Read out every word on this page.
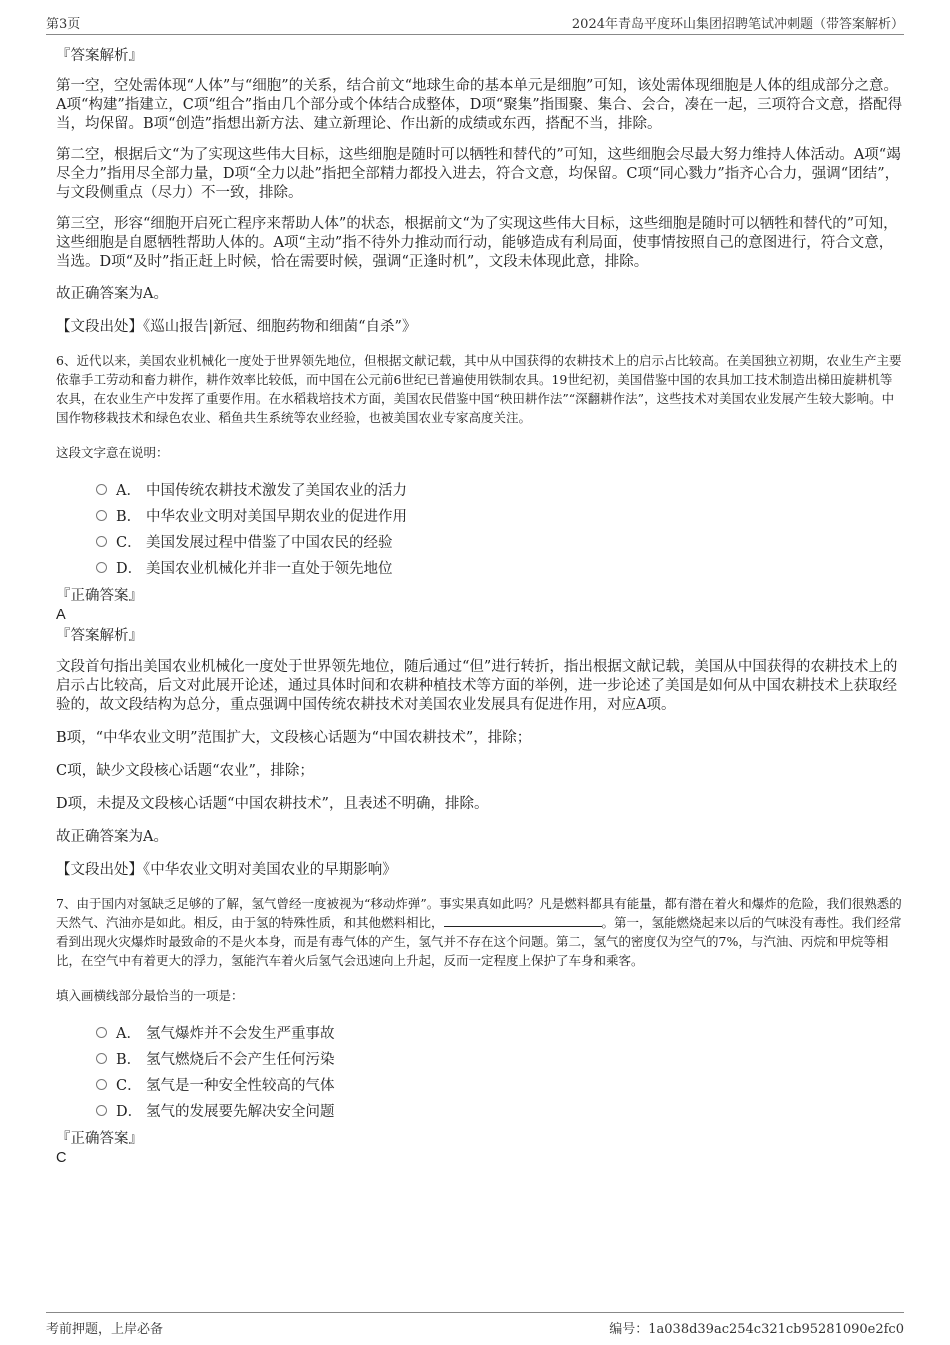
第3页	2024年青岛平度环山集团招聘笔试冲刺题（带答案解析）
『答案解析』
第一空，空处需体现“人体”与“细胞”的关系，结合前文“地球生命的基本单元是细胞”可知，该处需体现细胞是人体的组成部分之意。A项“构建”指建立，C项“组合”指由几个部分或个体结合成整体，D项“聚集”指围聚、集合、会合，凑在一起，三项符合文意，搭配得当，均保留。B项“创造”指想出新方法、建立新理论、作出新的成绩或东西，搭配不当，排除。
第二空，根据后文“为了实现这些伟大目标，这些细胞是随时可以牺牲和替代的”可知，这些细胞会尽最大努力维持人体活动。A项“竭尽全力”指用尽全部力量，D项“全力以赴”指把全部精力都投入进去，符合文意，均保留。C项“同心戮力”指齐心合力，强调“团结”，与文段侧重点（尽力）不一致，排除。
第三空，形容“细胞开启死亡程序来帮助人体”的状态，根据前文“为了实现这些伟大目标，这些细胞是随时可以牺牲和替代的”可知，这些细胞是自愿牺牲帮助人体的。A项“主动”指不待外力推动而行动，能够造成有利局面，使事情按照自己的意图进行，符合文意，当选。D项“及时”指正赶上时候，恰在需要时候，强调“正逢时机”，文段未体现此意，排除。
故正确答案为A。
【文段出处】《巡山报告|新冠、细胞药物和细菌“自杀”》
6、近代以来，美国农业机械化一度处于世界领先地位，但根据文献记载，其中从中国获得的农耕技术上的启示占比较高。在美国独立初期，农业生产主要依靠手工劳动和畜力耕作，耕作效率比较低，而中国在公元前6世纪已普遍使用铁制农具。19世纪初，美国借鉴中国的农具加工技术制造出梯田旋耕机等农具，在农业生产中发挥了重要作用。在水稻栽培技术方面，美国农民借鉴中国“秧田耕作法”“深翻耕作法”，这些技术对美国农业发展产生较大影响。中国作物移栽技术和绿色农业、稻鱼共生系统等农业经验，也被美国农业专家高度关注。
这段文字意在说明：
A． 中国传统农耕技术激发了美国农业的活力
B． 中华农业文明对美国早期农业的促进作用
C． 美国发展过程中借鉴了中国农民的经验
D． 美国农业机械化并非一直处于领先地位
『正确答案』
A
『答案解析』
文段首句指出美国农业机械化一度处于世界领先地位，随后通过“但”进行转折，指出根据文献记载，美国从中国获得的农耕技术上的启示占比较高，后文对此展开论述，通过具体时间和农耕种植技术等方面的举例，进一步论述了美国是如何从中国农耕技术上获取经验的，故文段结构为总分，重点强调中国传统农耕技术对美国农业发展具有促进作用，对应A项。
B项，“中华农业文明”范围扩大，文段核心话题为“中国农耕技术”，排除；
C项，缺少文段核心话题“农业”，排除；
D项，未提及文段核心话题“中国农耕技术”，且表述不明确，排除。
故正确答案为A。
【文段出处】《中华农业文明对美国农业的早期影响》
7、由于国内对氢缺乏足够的了解，氢气曾经一度被视为“移动炸弹”。事实果真如此吗？凡是燃料都具有能量，都有潜在着火和爆炸的危险，我们很熟悉的天然气、汽油亦是如此。相反，由于氢的特殊性质，和其他燃料相比，	。第一，氢能燃烧起来以后的气味没有毒性。我们经常看到出现火灾爆炸时最致命的不是火本身，而是有毒气体的产生，氢气并不存在这个问题。第二，氢气的密度仅为空气的7%，与汽油、丙烷和甲烷等相比，在空气中有着更大的浮力，氢能汽车着火后氢气会迅速向上升起，反而一定程度上保护了车身和乘客。
填入画横线部分最恰当的一项是：
A． 氢气爆炸并不会发生严重事故
B． 氢气燃烧后不会产生任何污染
C． 氢气是一种安全性较高的气体
D． 氢气的发展要先解决安全问题
『正确答案』
C
考前押题，上岸必备	编号：1a038d39ac254c321cb95281090e2fc0
